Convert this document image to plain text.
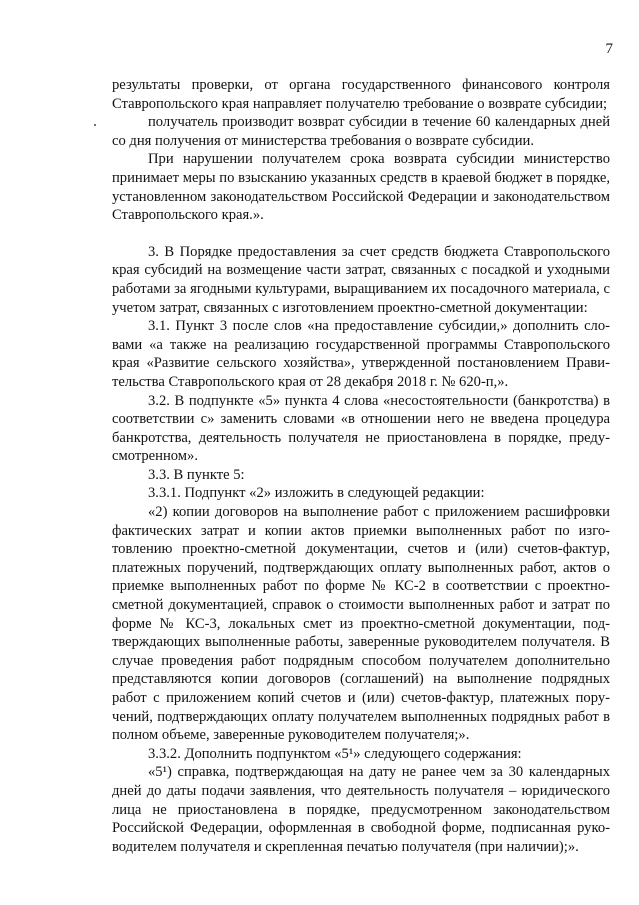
7

результаты проверки, от органа государственного финансового контроля Ставропольского края направляет получателю требование о возврате субсидии;

получатель производит возврат субсидии в течение 60 календарных дней со дня получения от министерства требования о возврате субсидии.

При нарушении получателем срока возврата субсидии министерство принимает меры по взысканию указанных средств в краевой бюджет в порядке, установленном законодательством Российской Федерации и законодательством Ставропольского края.».

3. В Порядке предоставления за счет средств бюджета Ставропольского края субсидий на возмещение части затрат, связанных с посадкой и уходными работами за ягодными культурами, выращиванием их посадочного материала, с учетом затрат, связанных с изготовлением проектно-сметной документации:

3.1. Пункт 3 после слов «на предоставление субсидии,» дополнить словами «а также на реализацию государственной программы Ставропольского края «Развитие сельского хозяйства», утвержденной постановлением Правительства Ставропольского края от 28 декабря 2018 г. № 620-п,».

3.2. В подпункте «5» пункта 4 слова «несостоятельности (банкротства) в соответствии с» заменить словами «в отношении него не введена процедура банкротства, деятельность получателя не приостановлена в порядке, предусмотренном».

3.3. В пункте 5:

3.3.1. Подпункт «2» изложить в следующей редакции:

«2) копии договоров на выполнение работ с приложением расшифровки фактических затрат и копии актов приемки выполненных работ по изготовлению проектно-сметной документации, счетов и (или) счетов-фактур, платежных поручений, подтверждающих оплату выполненных работ, актов о приемке выполненных работ по форме № КС-2 в соответствии с проектносметной документацией, справок о стоимости выполненных работ и затрат по форме № КС-3, локальных смет из проектно-сметной документации, подтверждающих выполненные работы, заверенные руководителем получателя. В случае проведения работ подрядным способом получателем дополнительно представляются копии договоров (соглашений) на выполнение подрядных работ с приложением копий счетов и (или) счетов-фактур, платежных поручений, подтверждающих оплату получателем выполненных подрядных работ в полном объеме, заверенные руководителем получателя;».

3.3.2. Дополнить подпунктом «5¹» следующего содержания:

«5¹) справка, подтверждающая на дату не ранее чем за 30 календарных дней до даты подачи заявления, что деятельность получателя – юридического лица не приостановлена в порядке, предусмотренном законодательством Российской Федерации, оформленная в свободной форме, подписанная руководителем получателя и скрепленная печатью получателя (при наличии);».
